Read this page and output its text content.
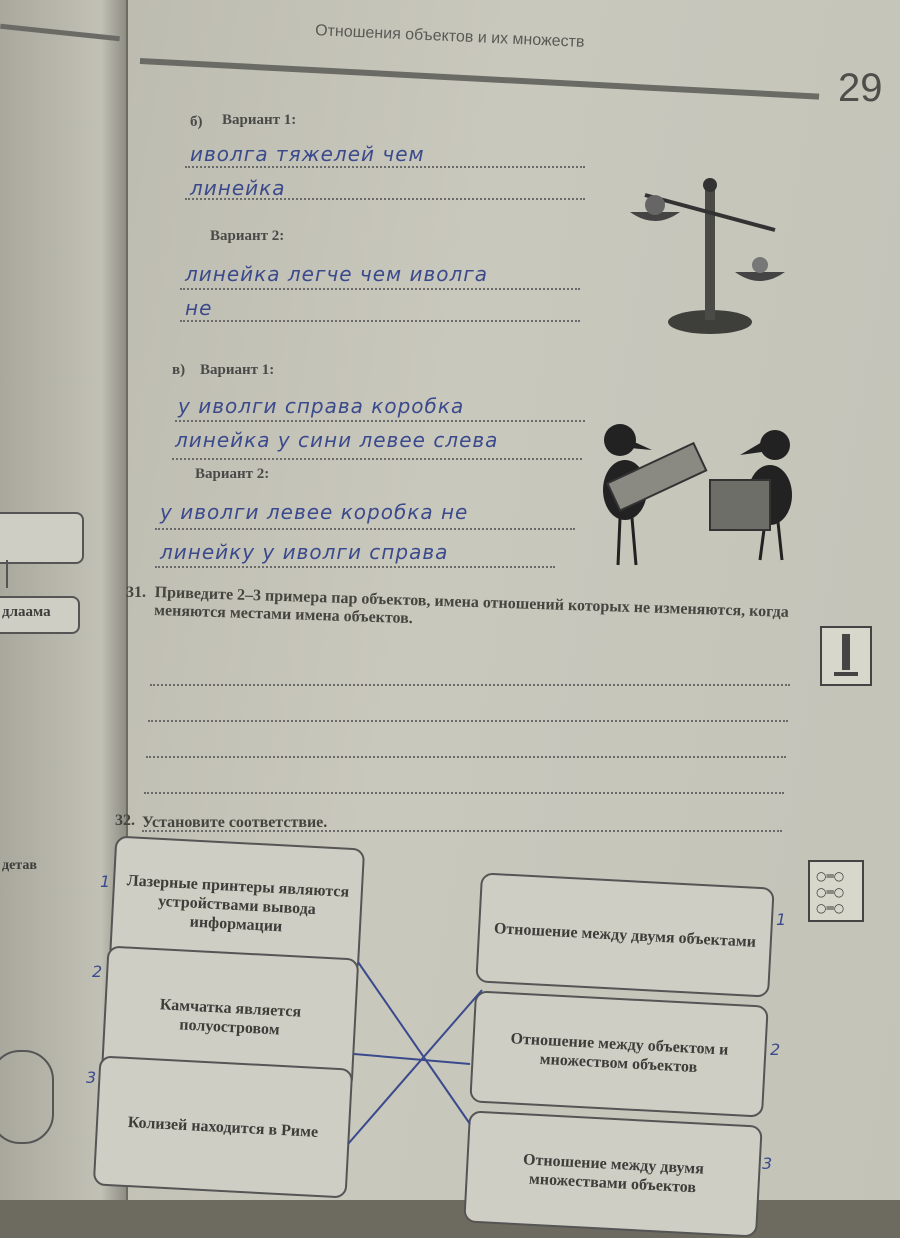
длаама
детав
Отношения объектов и их множеств
29
б) Вариант 1:
иволга тяжелей чем
линейка
Вариант 2:
линейка легче чем иволга
не
в) Вариант 1:
у иволги справа коробка
линейка у сини левее слева
Вариант 2:
у иволги левее коробка не
линейку у иволги справа
31. Приведите 2–3 примера пар объектов, имена отношений которых не изменяются, когда меняются местами имена объектов.
32. Установите соответствие.
○═○
○═○
○═○
1	Лазерные принтеры являются устройствами вывода информации
2
Камчатка является полуостровом
3
Колизей находится в Риме
Отношение между двумя объектами
1
Отношение между объектом и множеством объектов
2
Отношение между двумя множествами объектов
3
